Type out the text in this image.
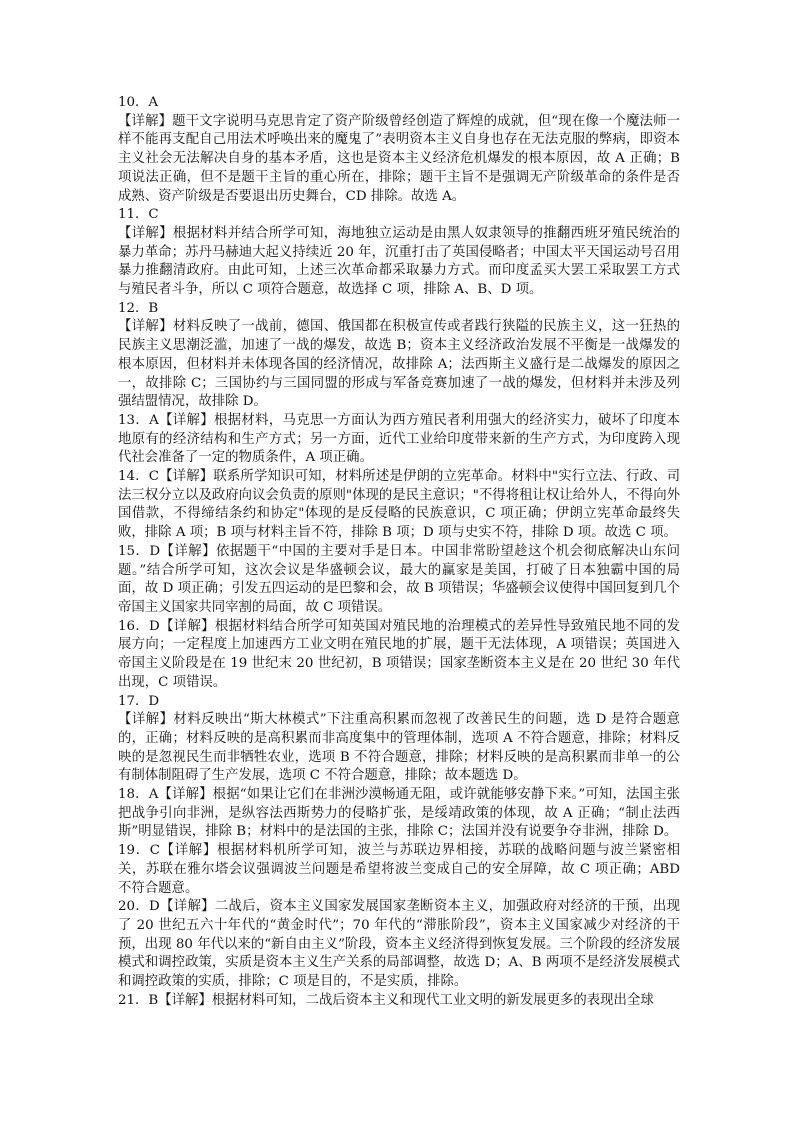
10．A

【详解】题干文字说明马克思肯定了资产阶级曾经创造了辉煌的成就，但“现在像一个魔法师一样不能再支配自己用法术呼唤出来的魔鬼了”表明资本主义自身也存在无法克服的弊病，即资本主义社会无法解决自身的基本矛盾，这也是资本主义经济危机爆发的根本原因，故 A 正确；B 项说法正确，但不是题干主旨的重心所在，排除；题干主旨不是强调无产阶级革命的条件是否成熟、资产阶级是否要退出历史舞台，CD 排除。故选 A。

11．C

【详解】根据材料并结合所学可知，海地独立运动是由黑人奴隶领导的推翻西班牙殖民统治的暴力革命；苏丹马赫迪大起义持续近 20 年，沉重打击了英国侵略者；中国太平天国运动号召用暴力推翻清政府。由此可知，上述三次革命都采取暴力方式。而印度孟买大罢工采取罢工方式与殖民者斗争，所以 C 项符合题意，故选择 C 项，排除 A、B、D 项。

12．B

【详解】材料反映了一战前，德国、俄国都在积极宣传或者践行狭隘的民族主义，这一狂热的民族主义思潮泛滥，加速了一战的爆发，故选 B；资本主义经济政治发展不平衡是一战爆发的根本原因，但材料并未体现各国的经济情况，故排除 A；法西斯主义盛行是二战爆发的原因之一，故排除 C；三国协约与三国同盟的形成与军备竞赛加速了一战的爆发，但材料并未涉及列强结盟情况，故排除 D。

13．A【详解】根据材料，马克思一方面认为西方殖民者利用强大的经济实力，破坏了印度本地原有的经济结构和生产方式；另一方面，近代工业给印度带来新的生产方式，为印度跨入现代社会准备了一定的物质条件，A 项正确。

14．C【详解】联系所学知识可知，材料所述是伊朗的立宪革命。材料中"实行立法、行政、司法三权分立以及政府向议会负责的原则"体现的是民主意识；"不得将租让权让给外人，不得向外国借款，不得缔结条约和协定"体现的是反侵略的民族意识，C 项正确；伊朗立宪革命最终失败，排除 A 项；B 项与材料主旨不符，排除 B 项；D 项与史实不符，排除 D 项。故选 C 项。

15．D【详解】依据题干“中国的主要对手是日本。中国非常盼望趁这个机会彻底解决山东问题。”结合所学可知，这次会议是华盛顿会议，最大的赢家是美国，打破了日本独霸中国的局面，故 D 项正确；引发五四运动的是巴黎和会，故 B 项错误；华盛顿会议使得中国回复到几个帝国主义国家共同宰割的局面，故 C 项错误。

16．D【详解】根据材料结合所学可知英国对殖民地的治理模式的差异性导致殖民地不同的发展方向；一定程度上加速西方工业文明在殖民地的扩展，题干无法体现，A 项错误；英国进入帝国主义阶段是在 19 世纪末 20 世纪初，B 项错误；国家垄断资本主义是在 20 世纪 30 年代出现，C 项错误。

17．D

【详解】材料反映出“斯大林模式”下注重高积累而忽视了改善民生的问题，选 D 是符合题意的，正确；材料反映的是高积累而非高度集中的管理体制，选项 A 不符合题意，排除；材料反映的是忽视民生而非牺牲农业，选项 B 不符合题意，排除；材料反映的是高积累而非单一的公有制体制阻碍了生产发展，选项 C 不符合题意，排除；故本题选 D。

18．A【详解】根据“如果让它们在非洲沙漠畅通无阻，或许就能够安静下来。”可知，法国主张把战争引向非洲，是纵容法西斯势力的侵略扩张，是绥靖政策的体现，故 A 正确；“制止法西斯”明显错误，排除 B；材料中的是法国的主张，排除 C；法国并没有说要争夺非洲，排除 D。

19．C【详解】根据材料机所学可知，波兰与苏联边界相接，苏联的战略问题与波兰紧密相关，苏联在雅尔塔会议强调波兰问题是希望将波兰变成自己的安全屏障，故 C 项正确；ABD 不符合题意。

20．D【详解】二战后，资本主义国家发展国家垄断资本主义，加强政府对经济的干预，出现了 20 世纪五六十年代的“黄金时代”；70 年代的“滞胀阶段”，资本主义国家减少对经济的干预，出现 80 年代以来的“新自由主义”阶段，资本主义经济得到恢复发展。三个阶段的经济发展模式和调控政策，实质是资本主义生产关系的局部调整，故选 D；A、B 两项不是经济发展模式和调控政策的实质，排除；C 项是目的，不是实质，排除。

21．B【详解】根据材料可知，二战后资本主义和现代工业文明的新发展更多的表现出全球
